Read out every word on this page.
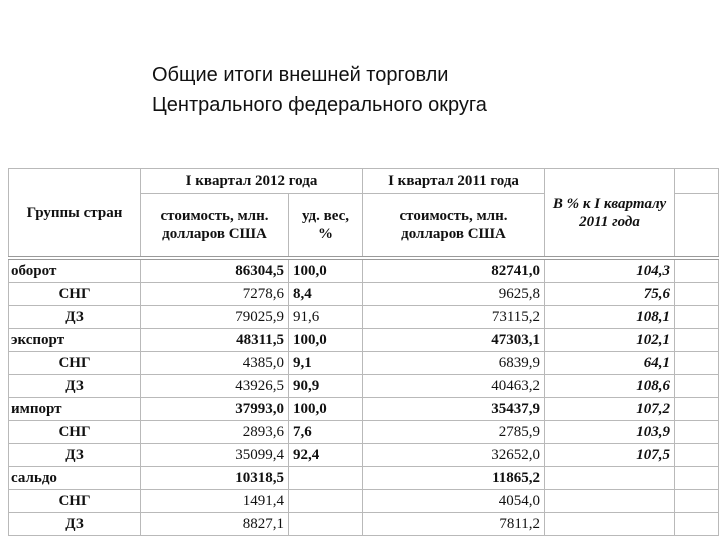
Общие итоги внешней торговли
Центрального федерального округа
Группы стран	I квартал 2012 года		I квартал 2011 года	В % к I кварталу 2011 года	
	стоимость, млн. долларов США	уд. вес, %	стоимость, млн. долларов США		
оборот	86304,5	100,0	82741,0	104,3	
СНГ	7278,6	8,4	9625,8	75,6	
ДЗ	79025,9	91,6	73115,2	108,1	
экспорт	48311,5	100,0	47303,1	102,1	
СНГ	4385,0	9,1	6839,9	64,1	
ДЗ	43926,5	90,9	40463,2	108,6	
импорт	37993,0	100,0	35437,9	107,2	
СНГ	2893,6	7,6	2785,9	103,9	
ДЗ	35099,4	92,4	32652,0	107,5	
сальдо	10318,5		11865,2		
СНГ	1491,4		4054,0		
ДЗ	8827,1		7811,2		
